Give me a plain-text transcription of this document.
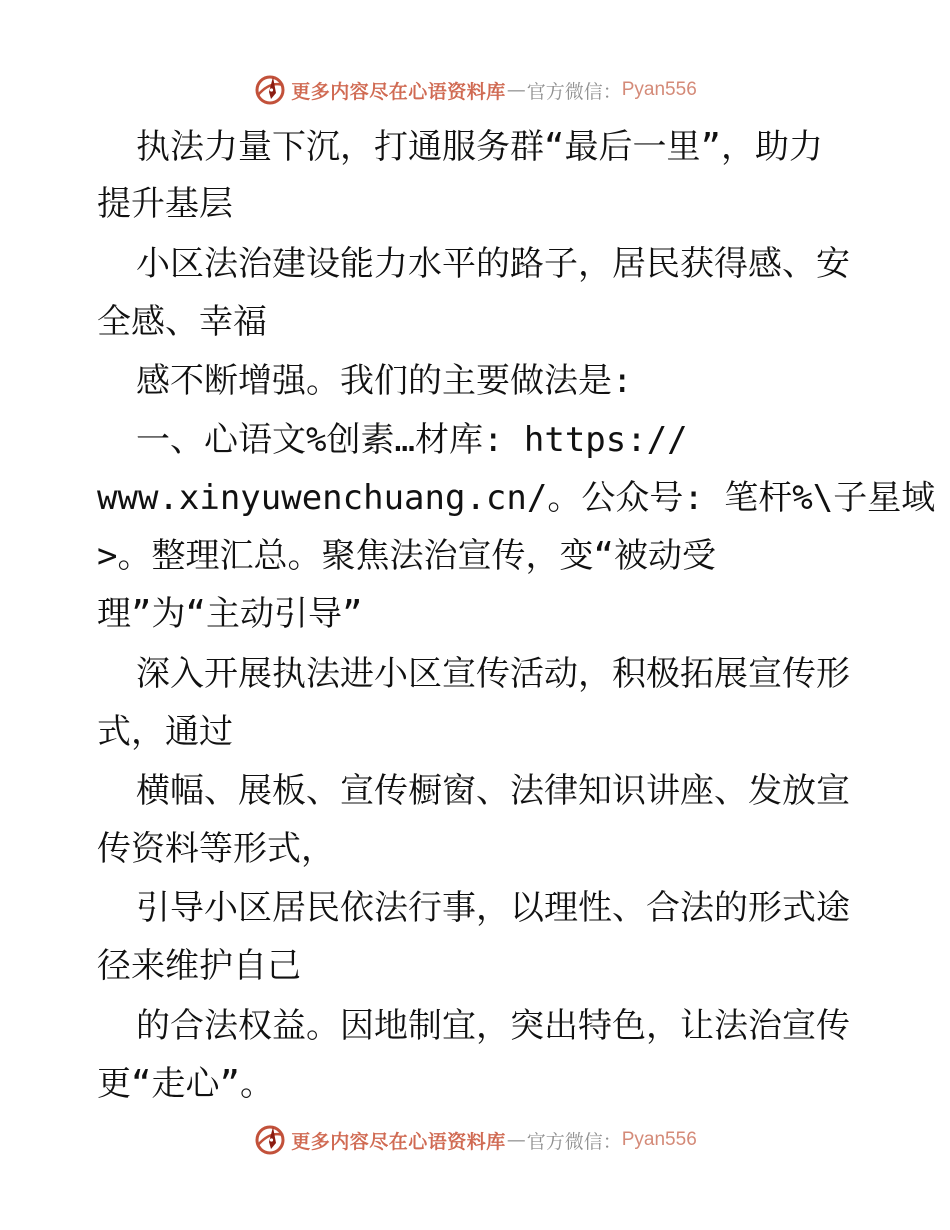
更多内容尽在心语资料库 — 官方微信： Pyan556
执法力量下沉，打通服务群“最后一里”，助力
提升基层
小区法治建设能力水平的路子，居民获得感、安
全感、幸福
感不断增强。我们的主要做法是:
一、心语文%创素…材库: https://
www.xinyuwenchuang.cn/。公众号: 笔杆%\子星域
>。整理汇总。聚焦法治宣传，变“被动受
理”为“主动引导”
深入开展执法进小区宣传活动，积极拓展宣传形
式，通过
横幅、展板、宣传橱窗、法律知识讲座、发放宣
传资料等形式，
引导小区居民依法行事，以理性、合法的形式途
径来维护自己
的合法权益。因地制宜，突出特色，让法治宣传
更“走心”。
更多内容尽在心语资料库 — 官方微信： Pyan556
